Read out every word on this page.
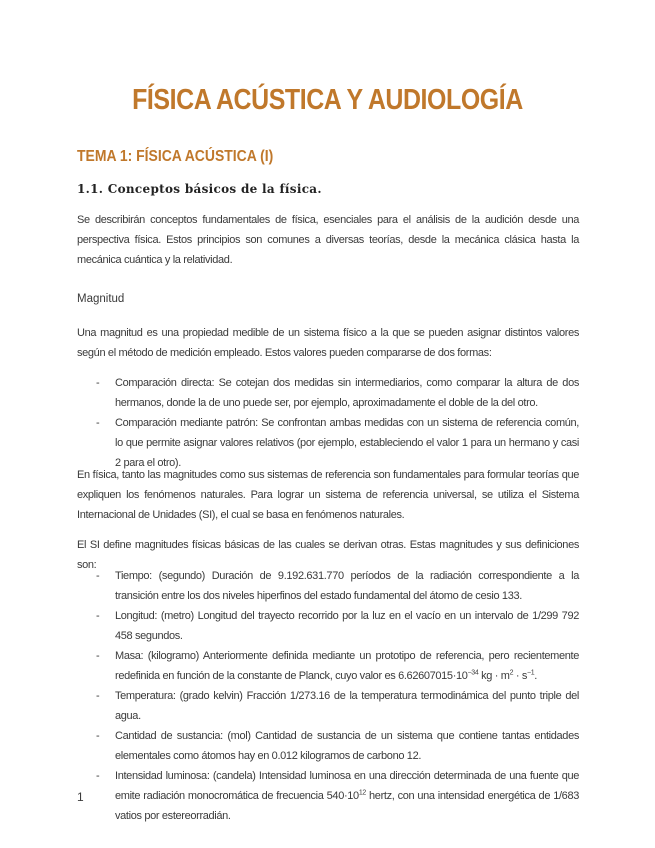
FÍSICA ACÚSTICA Y AUDIOLOGÍA
TEMA 1: FÍSICA ACÚSTICA (I)
1.1. Conceptos básicos de la física.

Se describirán conceptos fundamentales de física, esenciales para el análisis de la audición desde una perspectiva física. Estos principios son comunes a diversas teorías, desde la mecánica clásica hasta la mecánica cuántica y la relatividad.

Magnitud

Una magnitud es una propiedad medible de un sistema físico a la que se pueden asignar distintos valores según el método de medición empleado. Estos valores pueden compararse de dos formas:

- Comparación directa: Se cotejan dos medidas sin intermediarios, como comparar la altura de dos hermanos, donde la de uno puede ser, por ejemplo, aproximadamente el doble de la del otro.
- Comparación mediante patrón: Se confrontan ambas medidas con un sistema de referencia común, lo que permite asignar valores relativos (por ejemplo, estableciendo el valor 1 para un hermano y casi 2 para el otro).

En física, tanto las magnitudes como sus sistemas de referencia son fundamentales para formular teorías que expliquen los fenómenos naturales. Para lograr un sistema de referencia universal, se utiliza el Sistema Internacional de Unidades (SI), el cual se basa en fenómenos naturales.

El SI define magnitudes físicas básicas de las cuales se derivan otras. Estas magnitudes y sus definiciones son:

- Tiempo: (segundo) Duración de 9.192.631.770 períodos de la radiación correspondiente a la transición entre los dos niveles hiperfinos del estado fundamental del átomo de cesio 133.
- Longitud: (metro) Longitud del trayecto recorrido por la luz en el vacío en un intervalo de 1/299 792 458 segundos.
- Masa: (kilogramo) Anteriormente definida mediante un prototipo de referencia, pero recientemente redefinida en función de la constante de Planck, cuyo valor es $6.62607015\cdot 10^{-34}$ kg · $m^2 \cdot s^{-1}$.
- Temperatura: (grado kelvin) Fracción 1/273.16 de la temperatura termodinámica del punto triple del agua.
- Cantidad de sustancia: (mol) Cantidad de sustancia de un sistema que contiene tantas entidades elementales como átomos hay en 0.012 kilogramos de carbono 12.
- Intensidad luminosa: (candela) Intensidad luminosa en una dirección determinada de una fuente que emite radiación monocromática de frecuencia $540\cdot 10^{12}$ hertz, con una intensidad energética de 1/683 vatios por estereorradián.

1
